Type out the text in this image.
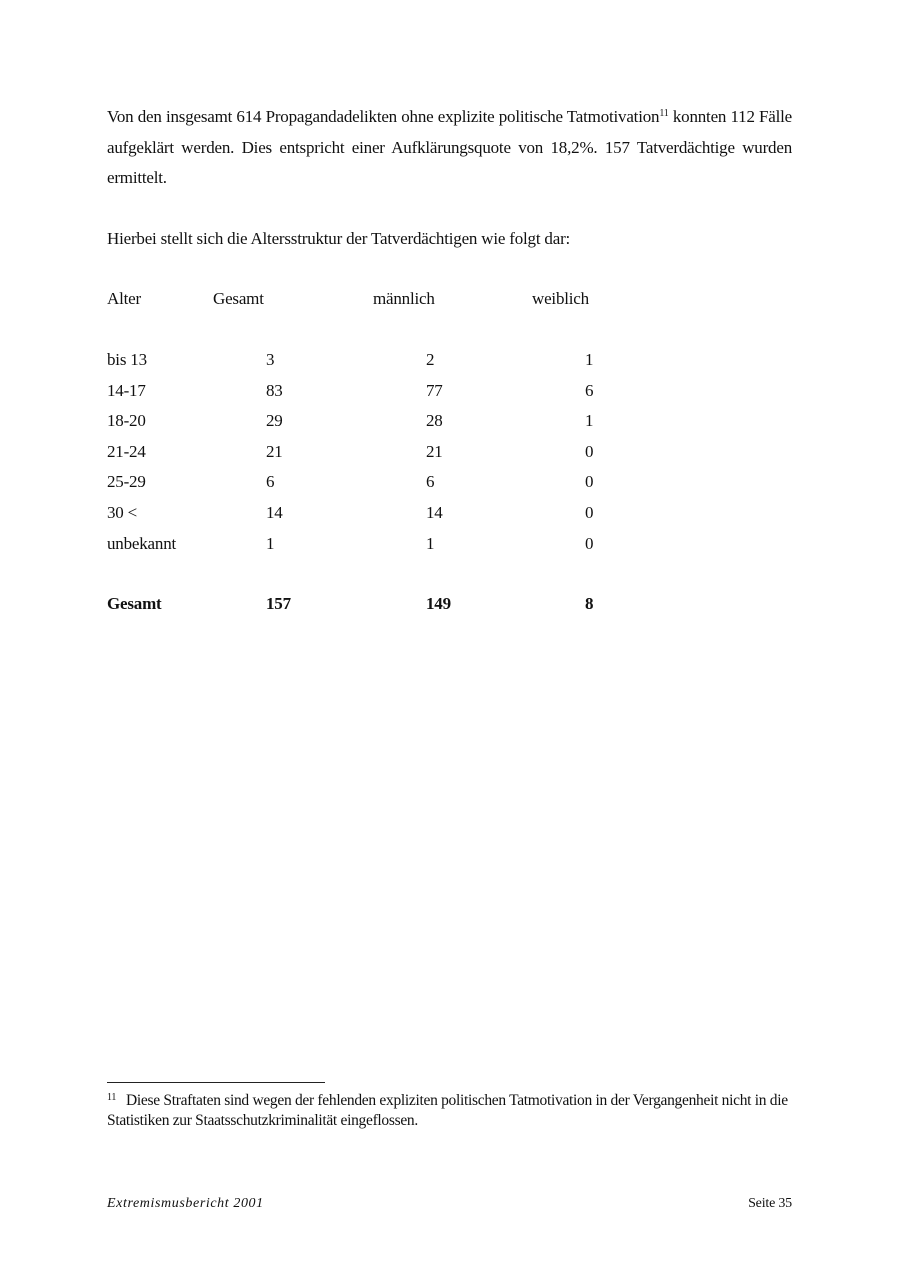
Von den insgesamt 614 Propagandadelikten ohne explizite politische Tatmotivation$^{11}$ konnten 112 Fälle aufgeklärt werden. Dies entspricht einer Aufklärungsquote von 18,2%. 157 Tatverdächtige wurden ermittelt.

Hierbei stellt sich die Altersstruktur der Tatverdächtigen wie folgt dar:

Alter	Gesamt	männlich	weiblich
bis 13	3	2	1
14-17	83	77	6
18-20	29	28	1
21-24	21	21	0
25-29	6	6	0
30 <	14	14	0
unbekannt	1	1	0
Gesamt	157	149	8
$^{11}$ Diese Straftaten sind wegen der fehlenden expliziten politischen Tatmotivation in der Vergangenheit nicht in die Statistiken zur Staatsschutzkriminalität eingeflossen.
Extremismusbericht 2001	Seite 35
